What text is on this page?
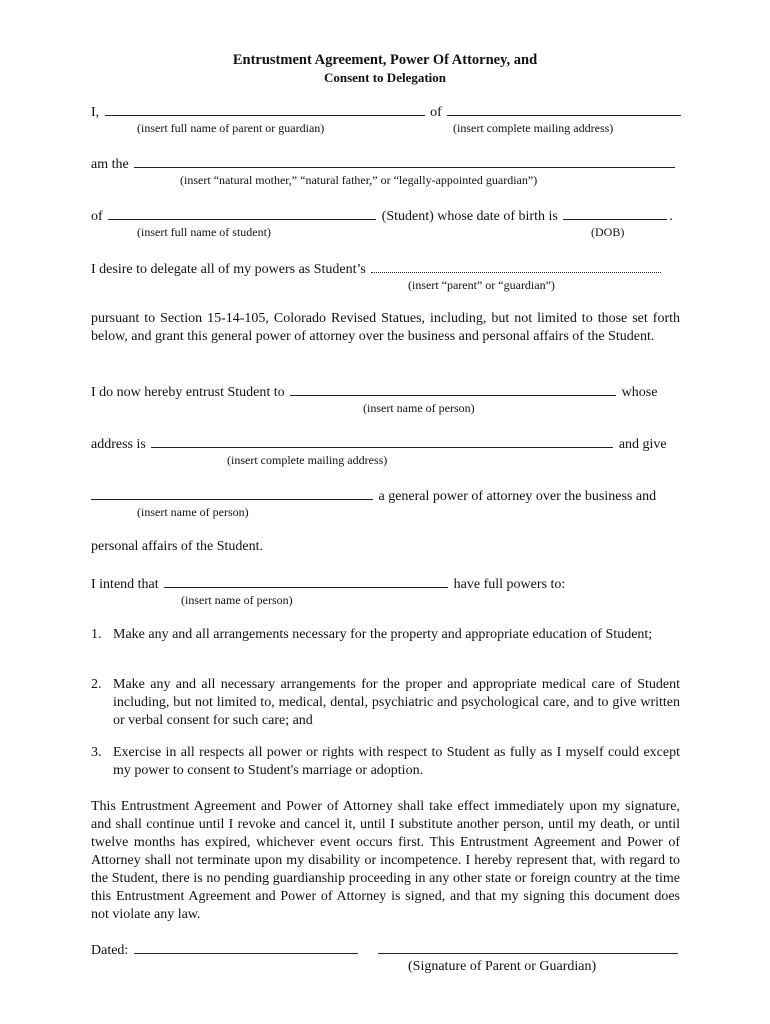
Entrustment Agreement, Power Of Attorney, and
Consent to Delegation
I,	of
(insert full name of parent or guardian)	(insert complete mailing address)
am the
(insert “natural mother,” “natural father,” or “legally-appointed guardian”)
of	(Student) whose date of birth is	.
(insert full name of student)	(DOB)
I desire to delegate all of my powers as Student’s
(insert “parent” or “guardian”)
pursuant to Section 15-14-105, Colorado Revised Statues, including, but not limited to those set forth below, and grant this general power of attorney over the business and personal affairs of the Student.
I do now hereby entrust Student to	whose
(insert name of person)
address is	and give
(insert complete mailing address)
a general power of attorney over the business and
(insert name of person)
personal affairs of the Student.
I intend that	have full powers to:
(insert name of person)
1. Make any and all arrangements necessary for the property and appropriate education of Student;
2. Make any and all necessary arrangements for the proper and appropriate medical care of Student including, but not limited to, medical, dental, psychiatric and psychological care, and to give written or verbal consent for such care; and
3. Exercise in all respects all power or rights with respect to Student as fully as I myself could except my power to consent to Student's marriage or adoption.
This Entrustment Agreement and Power of Attorney shall take effect immediately upon my signature, and shall continue until I revoke and cancel it, until I substitute another person, until my death, or until twelve months has expired, whichever event occurs first. This Entrustment Agreement and Power of Attorney shall not terminate upon my disability or incompetence. I hereby represent that, with regard to the Student, there is no pending guardianship proceeding in any other state or foreign country at the time this Entrustment Agreement and Power of Attorney is signed, and that my signing this document does not violate any law.
Dated:
(Signature of Parent or Guardian)
